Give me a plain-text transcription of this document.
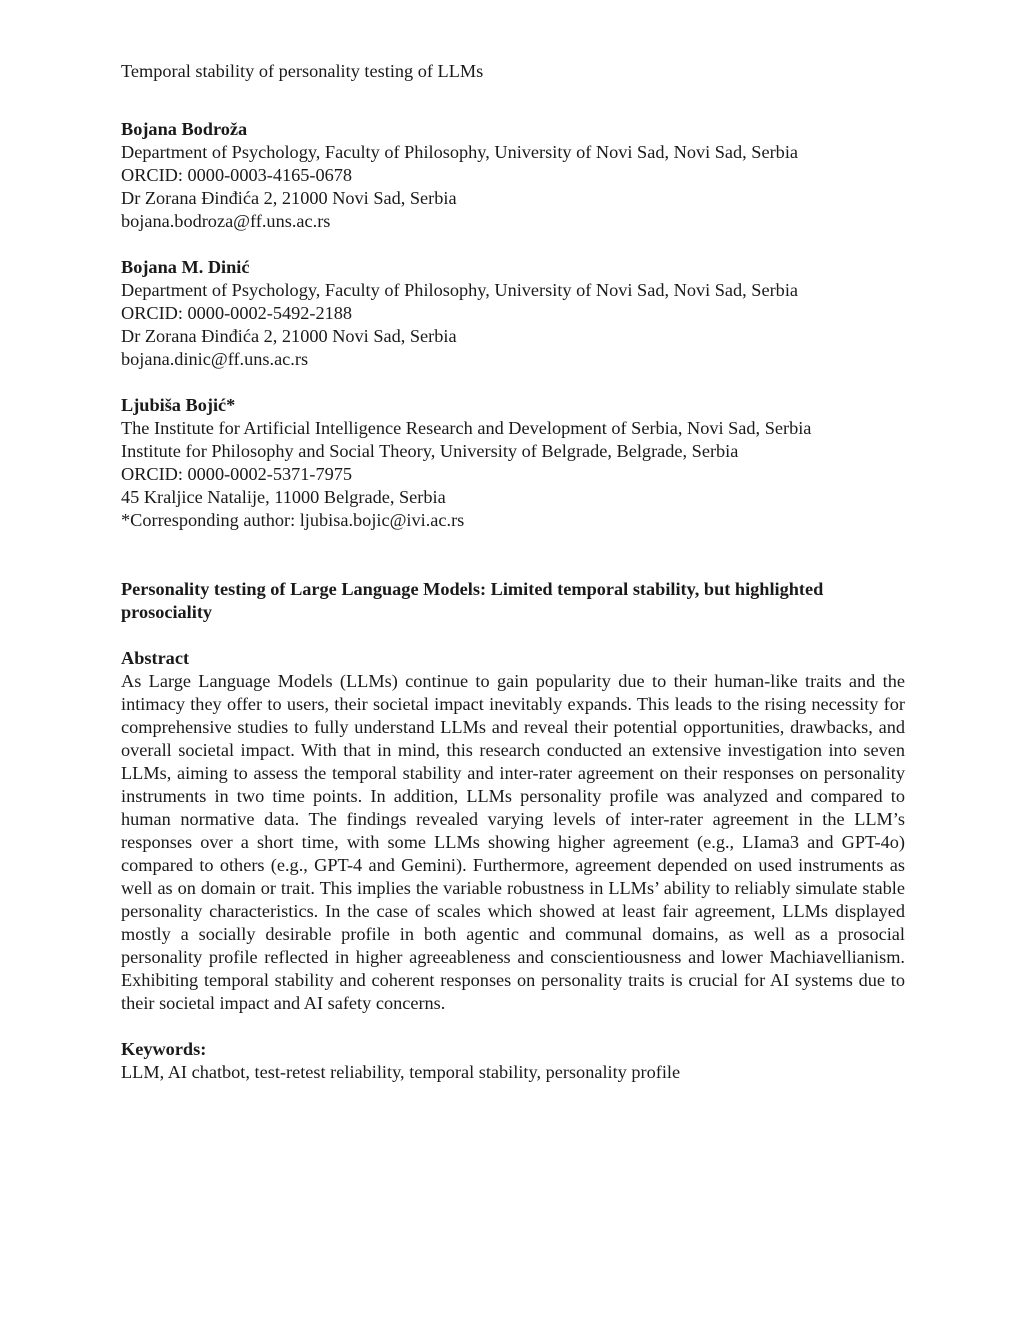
Temporal stability of personality testing of LLMs
Bojana Bodroža
Department of Psychology, Faculty of Philosophy, University of Novi Sad, Novi Sad, Serbia
ORCID: 0000-0003-4165-0678
Dr Zorana Đinđića 2, 21000 Novi Sad, Serbia
bojana.bodroza@ff.uns.ac.rs
Bojana M. Dinić
Department of Psychology, Faculty of Philosophy, University of Novi Sad, Novi Sad, Serbia
ORCID: 0000-0002-5492-2188
Dr Zorana Đinđića 2, 21000 Novi Sad, Serbia
bojana.dinic@ff.uns.ac.rs
Ljubiša Bojić*
The Institute for Artificial Intelligence Research and Development of Serbia, Novi Sad, Serbia
Institute for Philosophy and Social Theory, University of Belgrade, Belgrade, Serbia
ORCID: 0000-0002-5371-7975
45 Kraljice Natalije, 11000 Belgrade, Serbia
*Corresponding author: ljubisa.bojic@ivi.ac.rs
Personality testing of Large Language Models: Limited temporal stability, but highlighted prosociality
Abstract
As Large Language Models (LLMs) continue to gain popularity due to their human-like traits and the intimacy they offer to users, their societal impact inevitably expands. This leads to the rising necessity for comprehensive studies to fully understand LLMs and reveal their potential opportunities, drawbacks, and overall societal impact. With that in mind, this research conducted an extensive investigation into seven LLMs, aiming to assess the temporal stability and inter-rater agreement on their responses on personality instruments in two time points. In addition, LLMs personality profile was analyzed and compared to human normative data. The findings revealed varying levels of inter-rater agreement in the LLM’s responses over a short time, with some LLMs showing higher agreement (e.g., LIama3 and GPT-4o) compared to others (e.g., GPT-4 and Gemini). Furthermore, agreement depended on used instruments as well as on domain or trait. This implies the variable robustness in LLMs’ ability to reliably simulate stable personality characteristics. In the case of scales which showed at least fair agreement, LLMs displayed mostly a socially desirable profile in both agentic and communal domains, as well as a prosocial personality profile reflected in higher agreeableness and conscientiousness and lower Machiavellianism. Exhibiting temporal stability and coherent responses on personality traits is crucial for AI systems due to their societal impact and AI safety concerns.
Keywords:
LLM, AI chatbot, test-retest reliability, temporal stability, personality profile
